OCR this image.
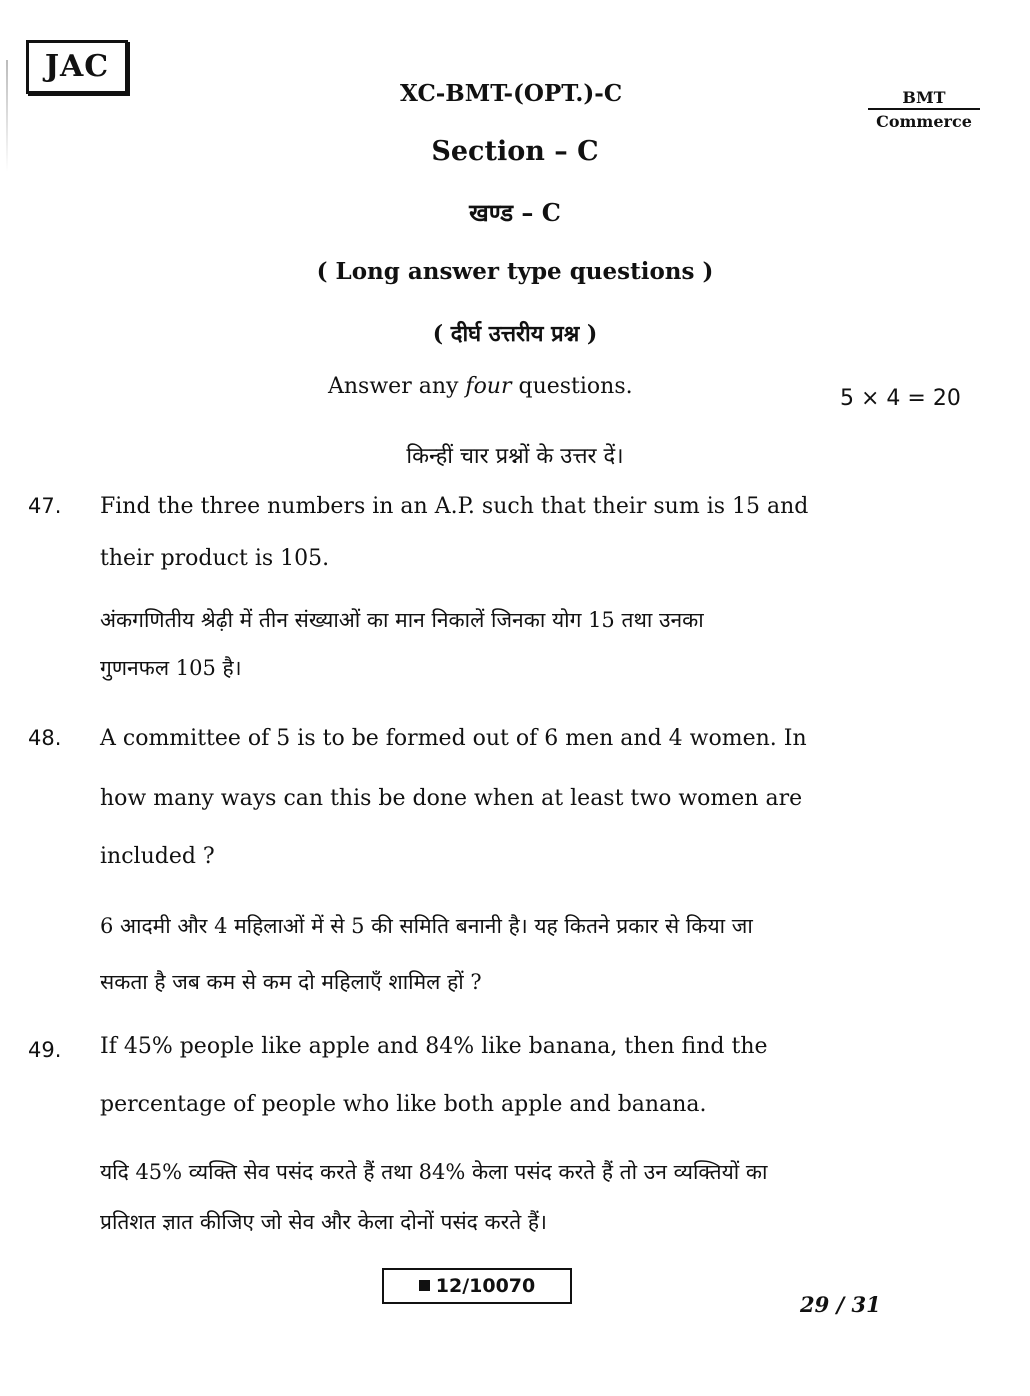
JAC
XC-BMT-(OPT.)-C	BMT
Commerce
Section – C
खण्ड – C
( Long answer type questions )
( दीर्घ उत्तरीय प्रश्न )
Answer any four questions.	5 × 4 = 20
किन्हीं चार प्रश्नों के उत्तर दें।
47. Find the three numbers in an A.P. such that their sum is 15 and
their product is 105.
अंकगणितीय श्रेढ़ी में तीन संख्याओं का मान निकालें जिनका योग 15 तथा उनका
गुणनफल 105 है।
48. A committee of 5 is to be formed out of 6 men and 4 women. In
how many ways can this be done when at least two women are
included ?
6 आदमी और 4 महिलाओं में से 5 की समिति बनानी है। यह कितने प्रकार से किया जा
सकता है जब कम से कम दो महिलाएँ शामिल हों ?
49. If 45% people like apple and 84% like banana, then find the
percentage of people who like both apple and banana.
यदि 45% व्यक्ति सेव पसंद करते हैं तथा 84% केला पसंद करते हैं तो उन व्यक्तियों का
प्रतिशत ज्ञात कीजिए जो सेव और केला दोनों पसंद करते हैं।
12/10070
29 / 31
